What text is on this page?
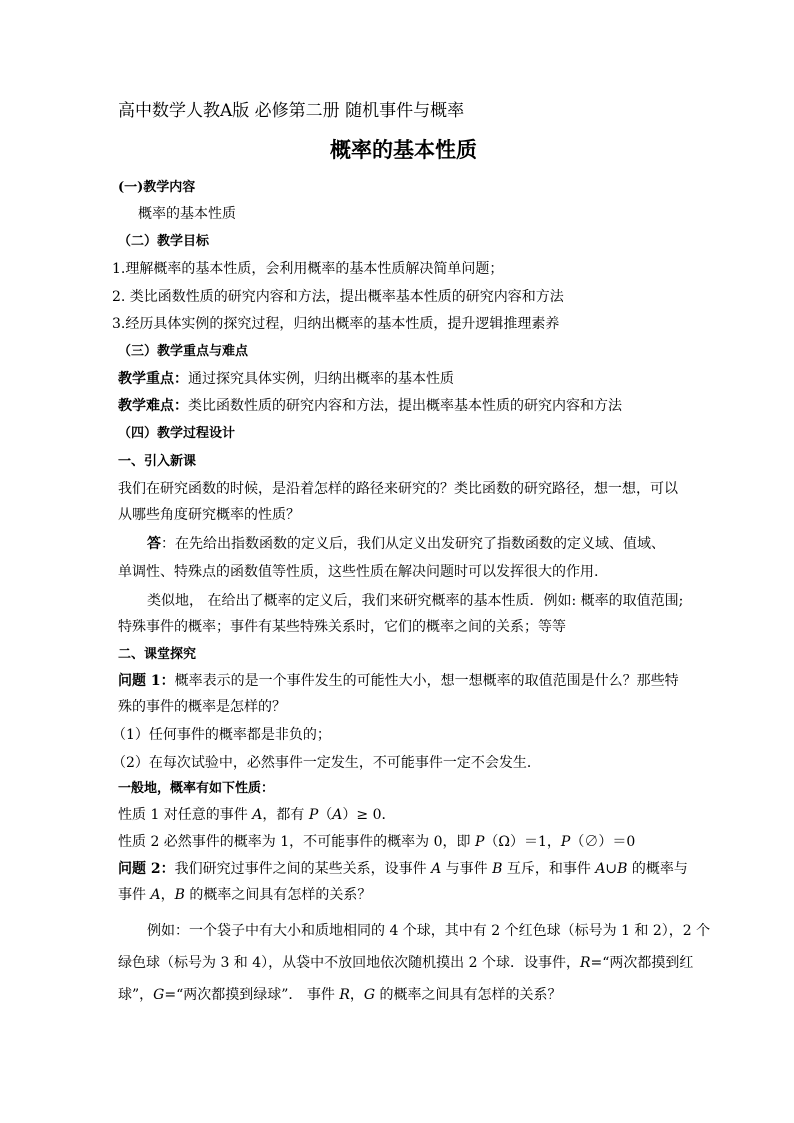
高中数学人教A版 必修第二册 随机事件与概率
概率的基本性质
(一)教学内容
概率的基本性质
（二）教学目标
1.理解概率的基本性质，会利用概率的基本性质解决简单问题；
2. 类比函数性质的研究内容和方法，提出概率基本性质的研究内容和方法
3.经历具体实例的探究过程，归纳出概率的基本性质，提升逻辑推理素养
（三）教学重点与难点
教学重点：通过探究具体实例，归纳出概率的基本性质
教学难点：类比函数性质的研究内容和方法，提出概率基本性质的研究内容和方法
（四）教学过程设计
一、引入新课
我们在研究函数的时候，是沿着怎样的路径来研究的？类比函数的研究路径，想一想，可以
从哪些角度研究概率的性质？
答：在先给出指数函数的定义后，我们从定义出发研究了指数函数的定义域、值域、
单调性、特殊点的函数值等性质，这些性质在解决问题时可以发挥很大的作用.
类似地， 在给出了概率的定义后，我们来研究概率的基本性质．例如: 概率的取值范围;
特殊事件的概率；事件有某些特殊关系时，它们的概率之间的关系；等等
二、课堂探究
问题 1：概率表示的是一个事件发生的可能性大小，想一想概率的取值范围是什么？那些特
殊的事件的概率是怎样的？
（1）任何事件的概率都是非负的；
（2）在每次试验中，必然事件一定发生，不可能事件一定不会发生．
一般地，概率有如下性质：
性质 1 对任意的事件 A，都有 P（A）≥ 0．
性质 2 必然事件的概率为 1，不可能事件的概率为 0，即 P（Ω）＝1，P（∅）＝0
问题 2：我们研究过事件之间的某些关系，设事件 A 与事件 B 互斥，和事件 A∪B 的概率与
事件 A，B 的概率之间具有怎样的关系？
例如：一个袋子中有大小和质地相同的 4 个球，其中有 2 个红色球（标号为 1 和 2），2 个
绿色球（标号为 3 和 4），从袋中不放回地依次随机摸出 2 个球．设事件，R=“两次都摸到红
球”，G=“两次都摸到绿球”． 事件 R，G 的概率之间具有怎样的关系？
